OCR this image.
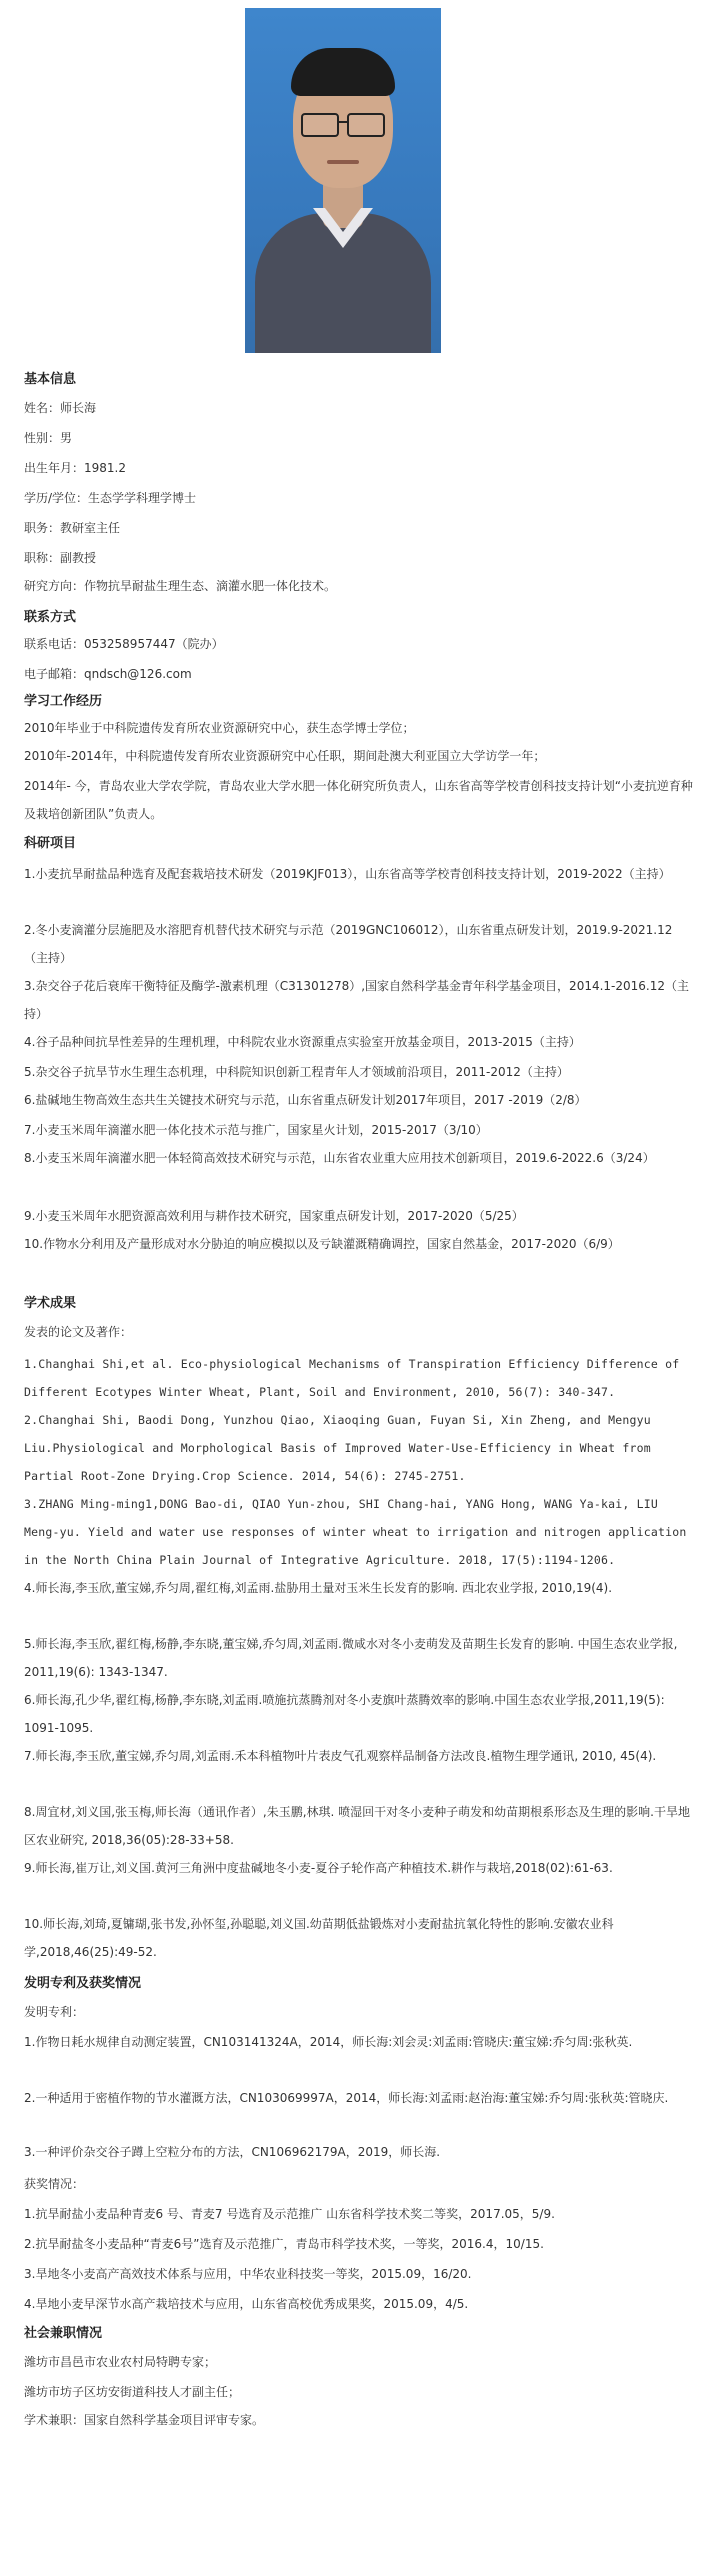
基本信息
姓名：师长海
性别：男
出生年月：1981.2
学历/学位：生态学学科理学博士
职务：教研室主任
职称：副教授
研究方向：作物抗旱耐盐生理生态、滴灌水肥一体化技术。
联系方式
联系电话：053258957447（院办）
电子邮箱：qndsch@126.com
学习工作经历
2010年毕业于中科院遗传发育所农业资源研究中心，获生态学博士学位；
2010年-2014年，中科院遗传发育所农业资源研究中心任职，期间赴澳大利亚国立大学访学一年；
2014年- 今，青岛农业大学农学院，青岛农业大学水肥一体化研究所负责人，山东省高等学校青创科技支持计划“小麦抗逆育种及栽培创新团队”负责人。
科研项目
1.小麦抗旱耐盐品种选育及配套栽培技术研发（2019KJF013），山东省高等学校青创科技支持计划，2019-2022（主持）
2.冬小麦滴灌分层施肥及水溶肥育机替代技术研究与示范（2019GNC106012），山东省重点研发计划，2019.9-2021.12（主持）
3.杂交谷子花后衰库干衡特征及酶学-激素机理（C31301278）,国家自然科学基金青年科学基金项目，2014.1-2016.12（主持）
4.谷子品种间抗旱性差异的生理机理，中科院农业水资源重点实验室开放基金项目，2013-2015（主持）
5.杂交谷子抗旱节水生理生态机理，中科院知识创新工程青年人才领域前沿项目，2011-2012（主持）
6.盐碱地生物高效生态共生关键技术研究与示范，山东省重点研发计划2017年项目，2017 -2019（2/8）
7.小麦玉米周年滴灌水肥一体化技术示范与推广，国家星火计划，2015-2017（3/10）
8.小麦玉米周年滴灌水肥一体轻简高效技术研究与示范，山东省农业重大应用技术创新项目，2019.6-2022.6（3/24）
9.小麦玉米周年水肥资源高效利用与耕作技术研究，国家重点研发计划，2017-2020（5/25）
10.作物水分利用及产量形成对水分胁迫的响应模拟以及亏缺灌溉精确调控，国家自然基金，2017-2020（6/9）
学术成果
发表的论文及著作：
1.Changhai Shi,et al. Eco-physiological Mechanisms of Transpiration Efficiency Difference of Different Ecotypes Winter Wheat, Plant, Soil and Environment, 2010, 56(7): 340-347.
2.Changhai Shi, Baodi Dong, Yunzhou Qiao, Xiaoqing Guan, Fuyan Si, Xin Zheng, and Mengyu Liu.Physiological and Morphological Basis of Improved Water-Use-Efficiency in Wheat from Partial Root-Zone Drying.Crop Science. 2014, 54(6): 2745-2751.
3.ZHANG Ming-ming1,DONG Bao-di, QIAO Yun-zhou, SHI Chang-hai, YANG Hong, WANG Ya-kai, LIU Meng-yu. Yield and water use responses of winter wheat to irrigation and nitrogen application in the North China Plain Journal of Integrative Agriculture. 2018, 17(5):1194-1206.
4.师长海,李玉欣,董宝娣,乔匀周,翟红梅,刘孟雨.盐胁用土量对玉米生长发育的影响. 西北农业学报, 2010,19(4).
5.师长海,李玉欣,翟红梅,杨静,李东晓,董宝娣,乔匀周,刘孟雨.微咸水对冬小麦萌发及苗期生长发育的影响. 中国生态农业学报, 2011,19(6): 1343-1347.
6.师长海,孔少华,翟红梅,杨静,李东晓,刘孟雨.喷施抗蒸腾剂对冬小麦旗叶蒸腾效率的影响.中国生态农业学报,2011,19(5): 1091-1095.
7.师长海,李玉欣,董宝娣,乔匀周,刘孟雨.禾本科植物叶片表皮气孔观察样品制备方法改良.植物生理学通讯, 2010, 45(4).
8.周宜材,刘义国,张玉梅,师长海（通讯作者）,朱玉鹏,林琪. 喷湿回干对冬小麦种子萌发和幼苗期根系形态及生理的影响.干旱地区农业研究, 2018,36(05):28-33+58.
9.师长海,崔万让,刘义国.黄河三角洲中度盐碱地冬小麦-夏谷子轮作高产种植技术.耕作与栽培,2018(02):61-63.
10.师长海,刘琦,夏镛瑚,张书发,孙怀玺,孙聪聪,刘义国.幼苗期低盐锻炼对小麦耐盐抗氧化特性的影响.安徽农业科学,2018,46(25):49-52.
发明专利及获奖情况
发明专利：
1.作物日耗水规律自动测定装置，CN103141324A，2014，师长海:刘会灵:刘孟雨:管晓庆:董宝娣:乔匀周:张秋英.
2.一种适用于密植作物的节水灌溉方法，CN103069997A，2014，师长海:刘孟雨:赵治海:董宝娣:乔匀周:张秋英:管晓庆.
3.一种评价杂交谷子蹲上空粒分布的方法，CN106962179A，2019，师长海.
获奖情况：
1.抗旱耐盐小麦品种青麦6 号、青麦7 号选育及示范推广 山东省科学技术奖二等奖，2017.05，5/9.
2.抗旱耐盐冬小麦品种“青麦6号”选育及示范推广，青岛市科学技术奖，一等奖，2016.4，10/15.
3.旱地冬小麦高产高效技术体系与应用，中华农业科技奖一等奖，2015.09，16/20.
4.旱地小麦早深节水高产栽培技术与应用，山东省高校优秀成果奖，2015.09，4/5.
社会兼职情况
潍坊市昌邑市农业农村局特聘专家；
潍坊市坊子区坊安街道科技人才副主任；
学术兼职：国家自然科学基金项目评审专家。
